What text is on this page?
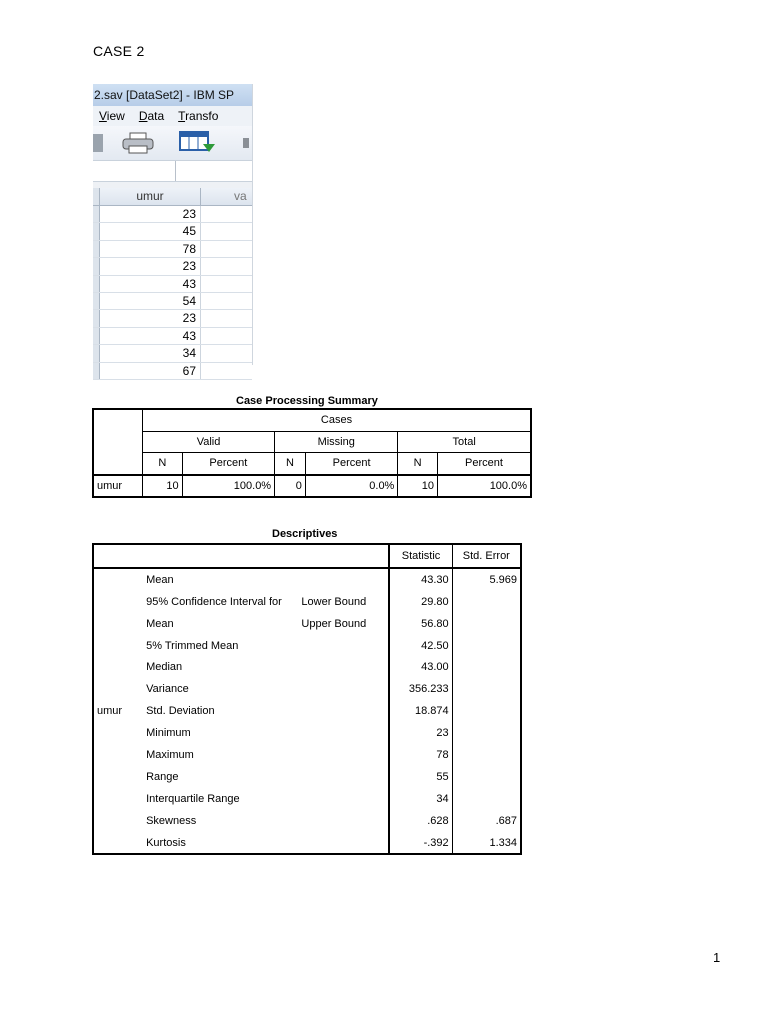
CASE 2
2.sav [DataSet2] - IBM SP
View Data Transfo
umur	va
23
45
78
23
43
54
23
43
34
67
Case Processing Summary
	Cases					
	Valid		Missing		Total	
	N	Percent	N	Percent	N	Percent
umur	10	100.0%	0	0.0%	10	100.0%
Descriptives
			Statistic	Std. Error
umur	Mean		43.30	5.969
	95% Confidence Interval for	Lower Bound	29.80	
	Mean	Upper Bound	56.80	
	5% Trimmed Mean		42.50	
	Median		43.00	
	Variance		356.233	
	Std. Deviation		18.874	
	Minimum		23	
	Maximum		78	
	Range		55	
	Interquartile Range		34	
	Skewness		.628	.687
	Kurtosis		-.392	1.334
1
